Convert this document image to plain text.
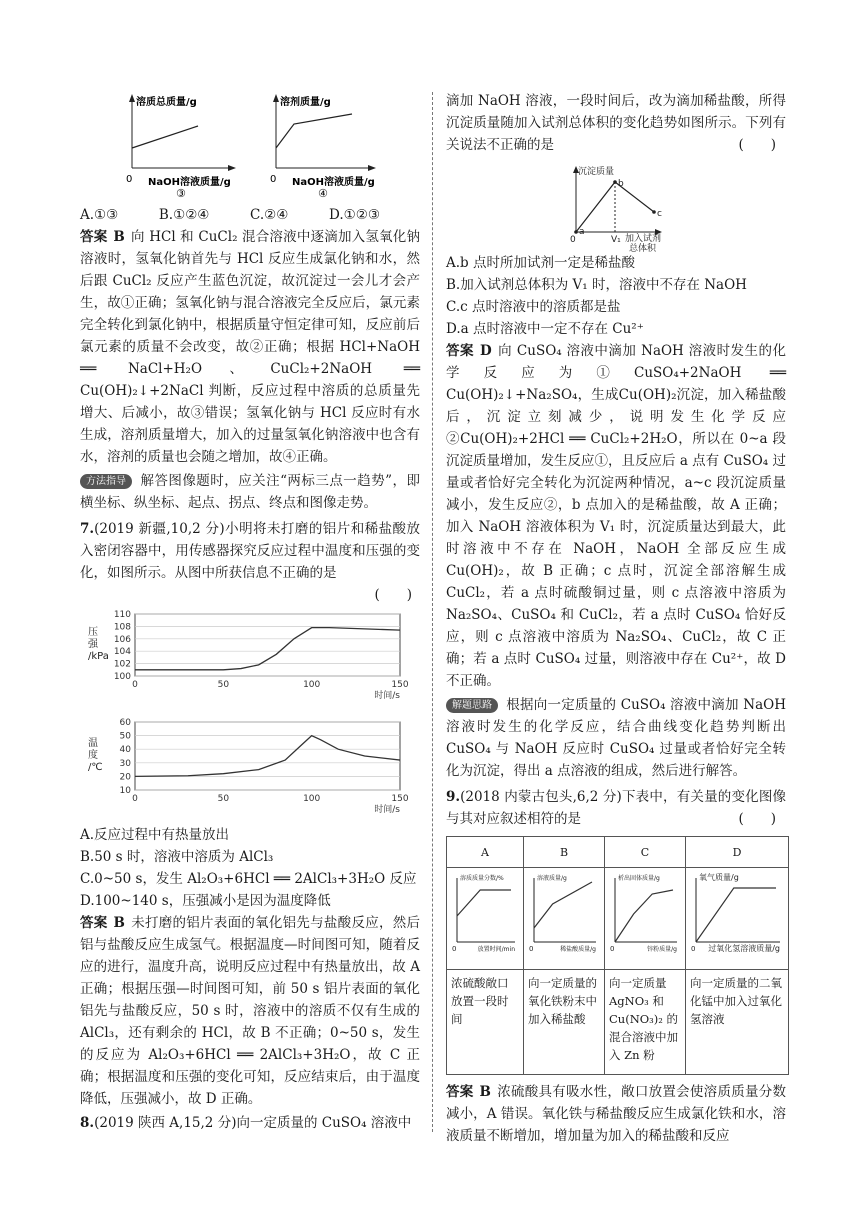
溶质总质量/g
0 NaOH溶液质量/g
③
溶剂质量/g
0 NaOH溶液质量/g
④
A.①③	B.①②④	C.②④	D.①②③

答案 B 向 HCl 和 CuCl₂ 混合溶液中逐滴加入氢氧化钠溶液时，氢氧化钠首先与 HCl 反应生成氯化钠和水，然后跟 CuCl₂ 反应产生蓝色沉淀，故沉淀过一会儿才会产生，故①正确；氢氧化钠与混合溶液完全反应后，氯元素完全转化到氯化钠中，根据质量守恒定律可知，反应前后氯元素的质量不会改变，故②正确；根据 HCl+NaOH ══ NaCl+H₂O、CuCl₂+2NaOH ══ Cu(OH)₂↓+2NaCl 判断，反应过程中溶质的总质量先增大、后减小，故③错误；氢氧化钠与 HCl 反应时有水生成，溶剂质量增大，加入的过量氢氧化钠溶液中也含有水，溶剂的质量也会随之增加，故④正确。

方法指导 解答图像题时，应关注“两标三点一趋势”，即横坐标、纵坐标、起点、拐点、终点和图像走势。

7.(2019 新疆,10,2 分)小明将未打磨的铝片和稀盐酸放入密闭容器中，用传感器探究反应过程中温度和压强的变化，如图所示。从图中所获信息不正确的是

(　　)

100
102
104
106
108
110
0	50	100	150
压
强
/kPa
时间/s

10
20
30
40
50
60
0	50	100	150
温
度
/℃
时间/s

A.反应过程中有热量放出

B.50 s 时，溶液中溶质为 AlCl₃

C.0~50 s，发生 Al₂O₃+6HCl ══ 2AlCl₃+3H₂O 反应

D.100~140 s，压强减小是因为温度降低

答案 B 未打磨的铝片表面的氧化铝先与盐酸反应，然后铝与盐酸反应生成氢气。根据温度—时间图可知，随着反应的进行，温度升高，说明反应过程中有热量放出，故 A 正确；根据压强—时间图可知，前 50 s 铝片表面的氧化铝先与盐酸反应，50 s 时，溶液中的溶质不仅有生成的 AlCl₃，还有剩余的 HCl，故 B 不正确；0~50 s，发生的反应为 Al₂O₃+6HCl ══ 2AlCl₃+3H₂O，故 C 正确；根据温度和压强的变化可知，反应结束后，由于温度降低，压强减小，故 D 正确。

8.(2019 陕西 A,15,2 分)向一定质量的 CuSO₄ 溶液中

滴加 NaOH 溶液，一段时间后，改为滴加稀盐酸，所得沉淀质量随加入试剂总体积的变化趋势如图所示。下列有关说法不正确的是	(　　)

a
b
c
沉淀质量
0	V₁ 加入试剂
总体积

A.b 点时所加试剂一定是稀盐酸

B.加入试剂总体积为 V₁ 时，溶液中不存在 NaOH

C.c 点时溶液中的溶质都是盐

D.a 点时溶液中一定不存在 Cu²⁺

答案 D 向 CuSO₄ 溶液中滴加 NaOH 溶液时发生的化学反应为①CuSO₄+2NaOH ══ Cu(OH)₂↓+Na₂SO₄，生成Cu(OH)₂沉淀，加入稀盐酸后，沉淀立刻减少，说明发生化学反应②Cu(OH)₂+2HCl ══ CuCl₂+2H₂O，所以在 0~a 段沉淀质量增加，发生反应①，且反应后 a 点有 CuSO₄ 过量或者恰好完全转化为沉淀两种情况，a~c 段沉淀质量减小，发生反应②，b 点加入的是稀盐酸，故 A 正确；加入 NaOH 溶液体积为 V₁ 时，沉淀质量达到最大，此时溶液中不存在 NaOH，NaOH 全部反应生成 Cu(OH)₂，故 B 正确；c 点时，沉淀全部溶解生成 CuCl₂，若 a 点时硫酸铜过量，则 c 点溶液中溶质为 Na₂SO₄、CuSO₄ 和 CuCl₂，若 a 点时 CuSO₄ 恰好反应，则 c 点溶液中溶质为 Na₂SO₄、CuCl₂，故 C 正确；若 a 点时 CuSO₄ 过量，则溶液中存在 Cu²⁺，故 D 不正确。

解题思路 根据向一定质量的 CuSO₄ 溶液中滴加 NaOH 溶液时发生的化学反应，结合曲线变化趋势判断出 CuSO₄ 与 NaOH 反应时 CuSO₄ 过量或者恰好完全转化为沉淀，得出 a 点溶液的组成，然后进行解答。

9.(2018 内蒙古包头,6,2 分)下表中，有关量的变化图像与其对应叙述相符的是	(　　)

A	B	C	D

溶质质量分数/%
0 放置时间/min	溶液质量/g
0 稀盐酸质量/g	析出固体质量/g
0 锌粉质量/g	氧气质量/g
0 过氧化氢溶液质量/g

浓硫酸敞口放置一段时间	向一定质量的氧化铁粉末中加入稀盐酸	向一定质量 AgNO₃ 和 Cu(NO₃)₂ 的混合溶液中加入 Zn 粉	向一定质量的二氧化锰中加入过氧化氢溶液

答案 B 浓硫酸具有吸水性，敞口放置会使溶质质量分数减小，A 错误。氧化铁与稀盐酸反应生成氯化铁和水，溶液质量不断增加，增加量为加入的稀盐酸和反应
